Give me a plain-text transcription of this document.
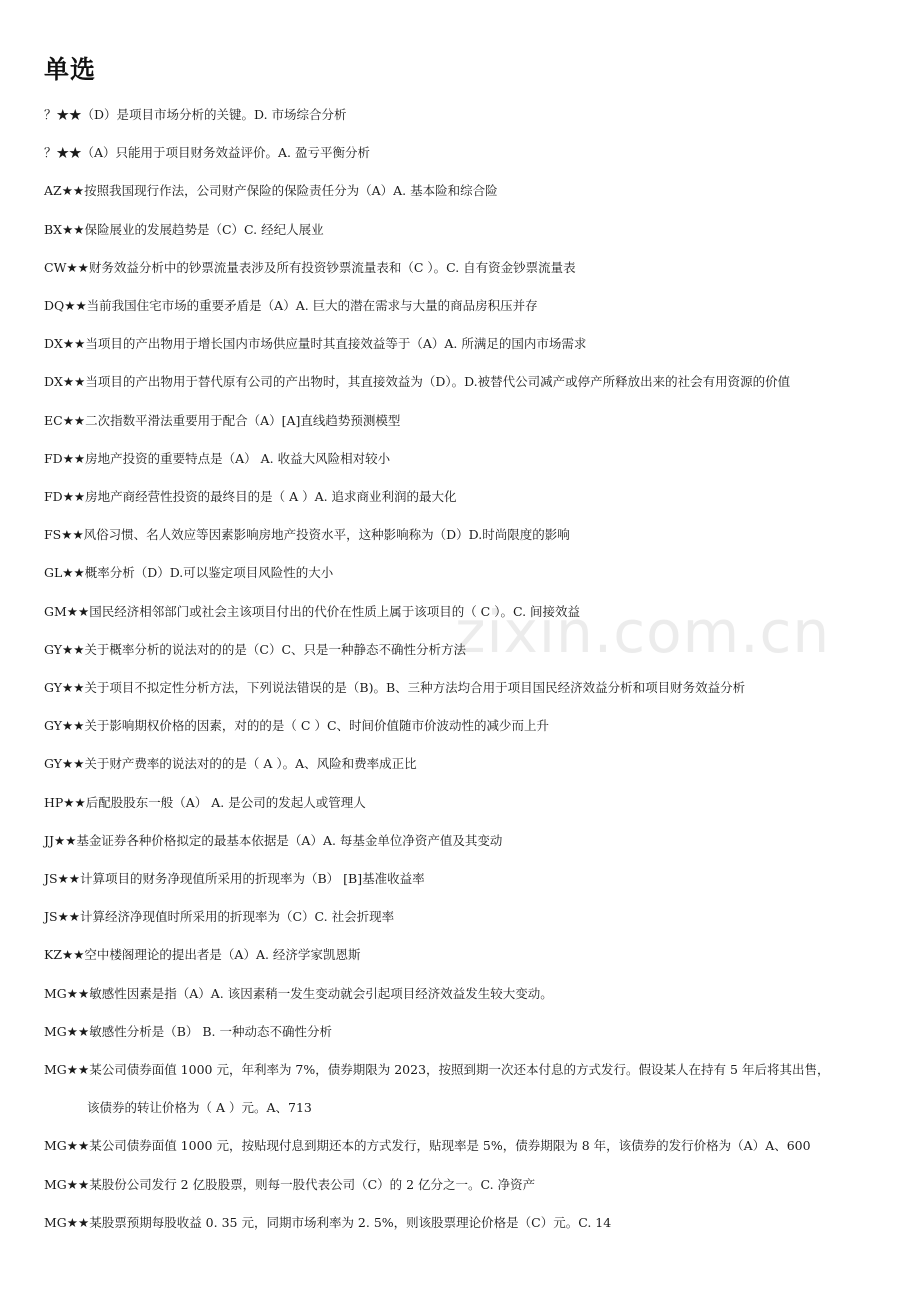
zixin.com.cn
单选
？★★（D）是项目市场分析的关键。D. 市场综合分析
？★★（A）只能用于项目财务效益评价。A. 盈亏平衡分析
AZ★★按照我国现行作法，公司财产保险的保险责任分为（A）A. 基本险和综合险
BX★★保险展业的发展趋势是（C）C. 经纪人展业
CW★★财务效益分析中的钞票流量表涉及所有投资钞票流量表和（C ）。C. 自有资金钞票流量表
DQ★★当前我国住宅市场的重要矛盾是（A）A. 巨大的潜在需求与大量的商品房积压并存
DX★★当项目的产出物用于增长国内市场供应量时其直接效益等于（A）A. 所满足的国内市场需求
DX★★当项目的产出物用于替代原有公司的产出物时，其直接效益为（D）。D.被替代公司减产或停产所释放出来的社会有用资源的价值
EC★★二次指数平滑法重要用于配合（A）[A]直线趋势预测模型
FD★★房地产投资的重要特点是（A） A. 收益大风险相对较小
FD★★房地产商经营性投资的最终目的是（ A ）A. 追求商业利润的最大化
FS★★风俗习惯、名人效应等因素影响房地产投资水平，这种影响称为（D）D.时尚限度的影响
GL★★概率分析（D）D.可以鉴定项目风险性的大小
GM★★国民经济相邻部门或社会主该项目付出的代价在性质上属于该项目的（ C ）。C. 间接效益
GY★★关于概率分析的说法对的的是（C）C、只是一种静态不确性分析方法
GY★★关于项目不拟定性分析方法，下列说法错误的是（B)。B、三种方法均合用于项目国民经济效益分析和项目财务效益分析
GY★★关于影响期权价格的因素，对的的是（ C ）C、时间价值随市价波动性的减少而上升
GY★★关于财产费率的说法对的的是（ A ）。A、风险和费率成正比
HP★★后配股股东一般（A） A. 是公司的发起人或管理人
JJ★★基金证券各种价格拟定的最基本依据是（A）A. 每基金单位净资产值及其变动
JS★★计算项目的财务净现值所采用的折现率为（B） [B]基准收益率
JS★★计算经济净现值时所采用的折现率为（C）C. 社会折现率
KZ★★空中楼阁理论的提出者是（A）A. 经济学家凯恩斯
MG★★敏感性因素是指（A）A. 该因素稍一发生变动就会引起项目经济效益发生较大变动。
MG★★敏感性分析是（B） B. 一种动态不确性分析
MG★★某公司债券面值 1000 元，年利率为 7%，债券期限为 2023，按照到期一次还本付息的方式发行。假设某人在持有 5 年后将其出售，
该债券的转让价格为（ A ）元。A、713
MG★★某公司债券面值 1000 元，按贴现付息到期还本的方式发行，贴现率是 5%，债券期限为 8 年，该债券的发行价格为（A）A、600
MG★★某股份公司发行 2 亿股股票，则每一股代表公司（C）的 2 亿分之一。C. 净资产
MG★★某股票预期每股收益 0. 35 元，同期市场利率为 2. 5%，则该股票理论价格是（C）元。C. 14
